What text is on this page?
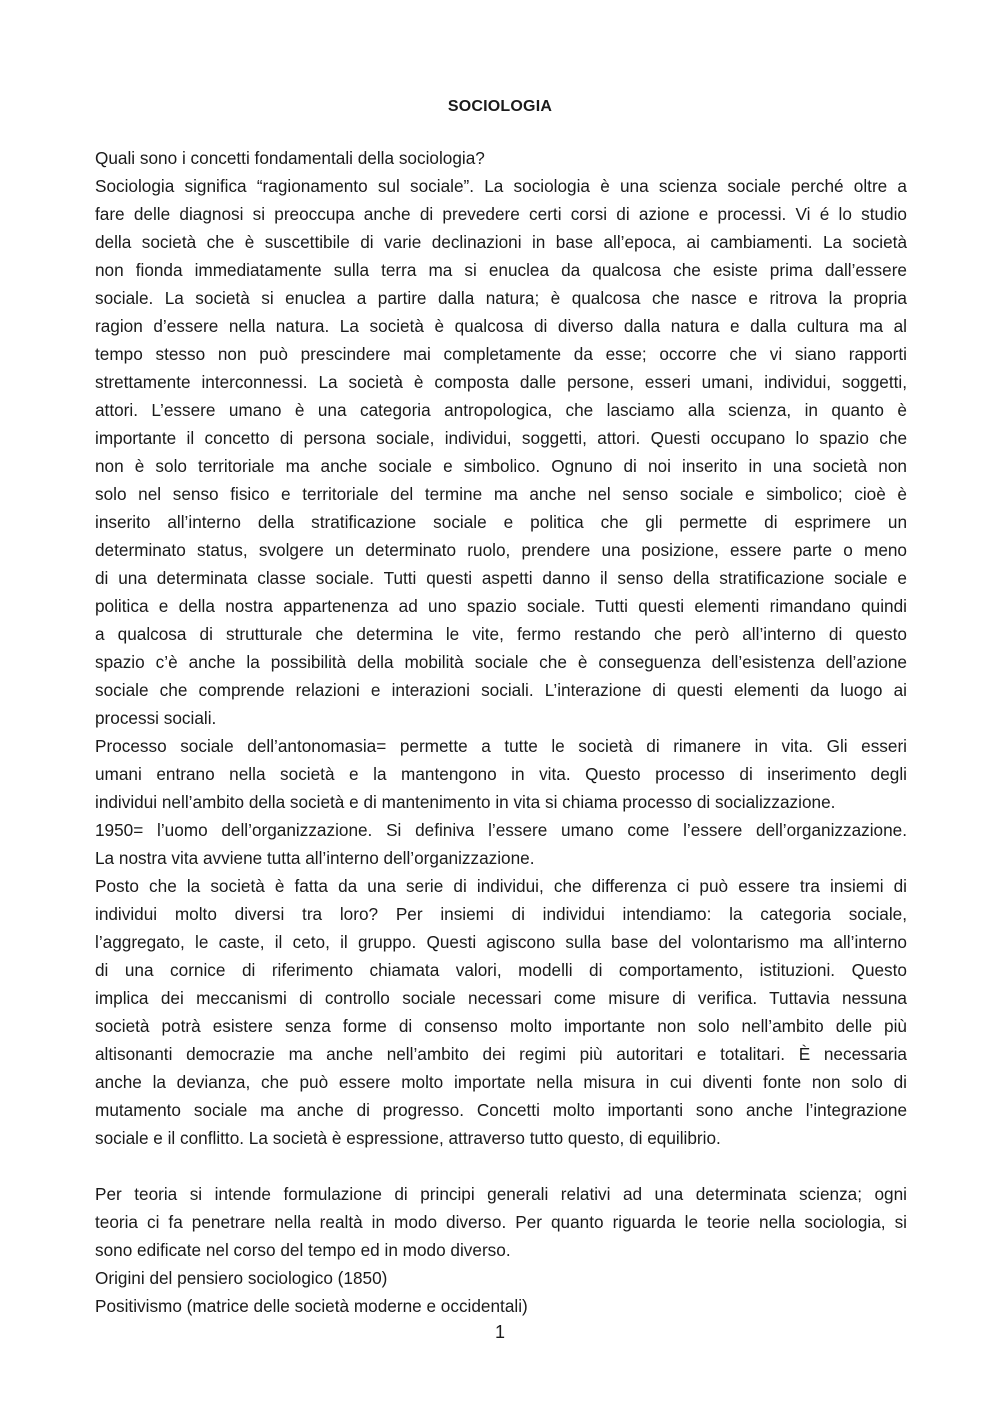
SOCIOLOGIA
Quali sono i concetti fondamentali della sociologia?
Sociologia significa “ragionamento sul sociale”. La sociologia è una scienza sociale perché oltre a
fare delle diagnosi si preoccupa anche di prevedere certi corsi di azione e processi. Vi é lo studio
della società che è suscettibile di varie declinazioni in base all’epoca, ai cambiamenti. La società
non fionda immediatamente sulla terra ma si enuclea da qualcosa che esiste prima dall’essere
sociale. La società si enuclea a partire dalla natura; è qualcosa che nasce e ritrova la propria
ragion d’essere nella natura. La società è qualcosa di diverso dalla natura e dalla cultura ma al
tempo stesso non può prescindere mai completamente da esse; occorre che vi siano rapporti
strettamente interconnessi. La società è composta dalle persone, esseri umani, individui, soggetti,
attori. L’essere umano è una categoria antropologica, che lasciamo alla scienza, in quanto è
importante il concetto di persona sociale, individui, soggetti, attori. Questi occupano lo spazio che
non è solo territoriale ma anche sociale e simbolico. Ognuno di noi inserito in una società non
solo nel senso fisico e territoriale del termine ma anche nel senso sociale e simbolico; cioè è
inserito all’interno della stratificazione sociale e politica che gli permette di esprimere un
determinato status, svolgere un determinato ruolo, prendere una posizione, essere parte o meno
di una determinata classe sociale. Tutti questi aspetti danno il senso della stratificazione sociale e
politica e della nostra appartenenza ad uno spazio sociale. Tutti questi elementi rimandano quindi
a qualcosa di strutturale che determina le vite, fermo restando che però all’interno di questo
spazio c’è anche la possibilità della mobilità sociale che è conseguenza dell’esistenza dell’azione
sociale che comprende relazioni e interazioni sociali. L’interazione di questi elementi da luogo ai
processi sociali.
Processo sociale dell’antonomasia= permette a tutte le società di rimanere in vita. Gli esseri
umani entrano nella società e la mantengono in vita. Questo processo di inserimento degli
individui nell’ambito della società e di mantenimento in vita si chiama processo di socializzazione.
1950= l’uomo dell’organizzazione. Si definiva l’essere umano come l’essere dell’organizzazione.
La nostra vita avviene tutta all’interno dell’organizzazione.
Posto che la società è fatta da una serie di individui, che differenza ci può essere tra insiemi di
individui molto diversi tra loro? Per insiemi di individui intendiamo: la categoria sociale,
l’aggregato, le caste, il ceto, il gruppo. Questi agiscono sulla base del volontarismo ma all’interno
di una cornice di riferimento chiamata valori, modelli di comportamento, istituzioni. Questo
implica dei meccanismi di controllo sociale necessari come misure di verifica. Tuttavia nessuna
società potrà esistere senza forme di consenso molto importante non solo nell’ambito delle più
altisonanti democrazie ma anche nell’ambito dei regimi più autoritari e totalitari. È necessaria
anche la devianza, che può essere molto importate nella misura in cui diventi fonte non solo di
mutamento sociale ma anche di progresso. Concetti molto importanti sono anche l’integrazione
sociale e il conflitto. La società è espressione, attraverso tutto questo, di equilibrio.
Per teoria si intende formulazione di principi generali relativi ad una determinata scienza; ogni
teoria ci fa penetrare nella realtà in modo diverso. Per quanto riguarda le teorie nella sociologia, si
sono edificate nel corso del tempo ed in modo diverso.
Origini del pensiero sociologico (1850)
Positivismo (matrice delle società moderne e occidentali)
1
